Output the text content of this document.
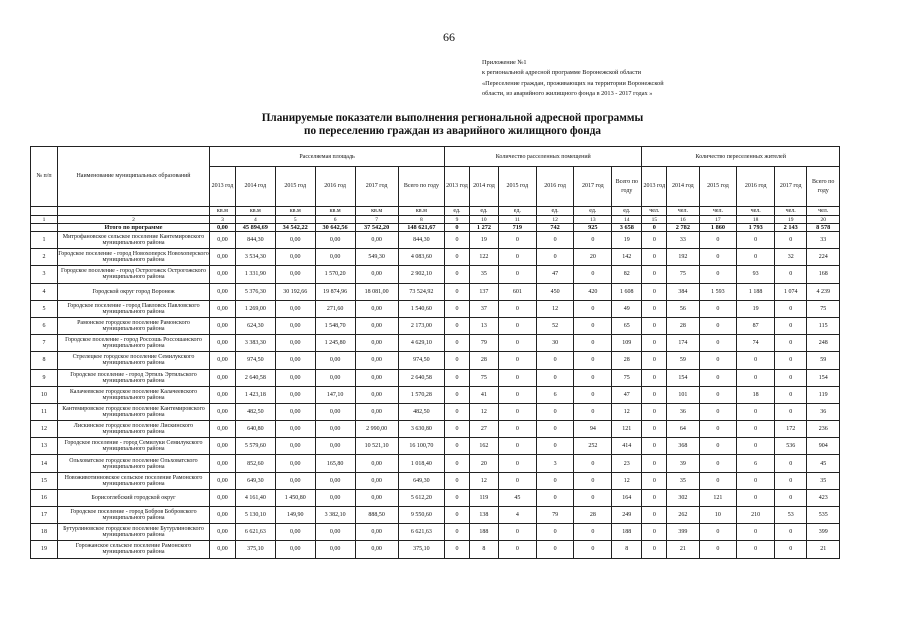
66
Приложение №1
к региональной адресной программе Воронежской области
«Переселение граждан, проживающих на территории Воронежской
области, из аварийного жилищного фонда в 2013 - 2017 годах »
Планируемые показатели выполнения региональной адресной программы
по переселению граждан из аварийного жилищного фонда
№ п/п	Наименование муниципальных образований	Расселяемая площадь						Количество расселенных помещений						Количество переселенных жителей					
		2013 год	2014 год	2015 год	2016 год	2017 год	Всего по году	2013 год	2014 год	2015 год	2016 год	2017 год	Всего по году	2013 год	2014 год	2015 год	2016 год	2017 год	Всего по году
		кв.м	кв.м	кв.м	кв.м	кв.м	кв.м	ед.	ед.	ед.	ед.	ед.	ед.	чел.	чел.	чел.	чел.	чел.	чел.
1	2	3	4	5	6	7	8	9	10	11	12	13	14	15	16	17	18	19	20
	Итого по программе	0,00	45 894,69	34 542,22	30 642,56	37 542,20	148 621,67	0	1 272	719	742	925	3 658	0	2 782	1 860	1 793	2 143	8 578
1	Митрофановское сельское поселение Кантемировского муниципального района	0,00	844,30	0,00	0,00	0,00	844,30	0	19	0	0	0	19	0	33	0	0	0	33
2	Городское поселение - город Новохоперск Новохоперского муниципального района	0,00	3 534,30	0,00	0,00	549,30	4 083,60	0	122	0	0	20	142	0	192	0	0	32	224
3	Городское поселение - город Острогожск Острогожского муниципального района	0,00	1 331,90	0,00	1 570,20	0,00	2 902,10	0	35	0	47	0	82	0	75	0	93	0	168
4	Городской округ город Воронеж	0,00	5 376,30	30 192,66	19 874,96	18 081,00	73 524,92	0	137	601	450	420	1 608	0	384	1 593	1 188	1 074	4 239
5	Городское поселение - город Павловск Павловского муниципального района	0,00	1 269,00	0,00	271,60	0,00	1 540,60	0	37	0	12	0	49	0	56	0	19	0	75
6	Рамонское городское поселение Рамонского муниципального района	0,00	624,30	0,00	1 548,70	0,00	2 173,00	0	13	0	52	0	65	0	28	0	87	0	115
7	Городское поселение - город Россошь Россошанского муниципального района	0,00	3 383,30	0,00	1 245,80	0,00	4 629,10	0	79	0	30	0	109	0	174	0	74	0	248
8	Стрелецкое городское поселение Семилукского муниципального района	0,00	974,50	0,00	0,00	0,00	974,50	0	28	0	0	0	28	0	59	0	0	0	59
9	Городское поселение - город Эртиль Эртильского муниципального района	0,00	2 640,58	0,00	0,00	0,00	2 640,58	0	75	0	0	0	75	0	154	0	0	0	154
10	Калачеевское городское поселение Калачеевского муниципального района	0,00	1 423,18	0,00	147,10	0,00	1 570,28	0	41	0	6	0	47	0	101	0	18	0	119
11	Кантемировское городское поселение Кантемировского муниципального района	0,00	482,50	0,00	0,00	0,00	482,50	0	12	0	0	0	12	0	36	0	0	0	36
12	Лискинское городское поселение Лискинского муниципального района	0,00	640,80	0,00	0,00	2 990,00	3 630,80	0	27	0	0	94	121	0	64	0	0	172	236
13	Городское поселение - город Семилуки Семилукского муниципального района	0,00	5 579,60	0,00	0,00	10 521,10	16 100,70	0	162	0	0	252	414	0	368	0	0	536	904
14	Ольховатское городское поселение Ольховатского муниципального района	0,00	852,60	0,00	165,80	0,00	1 018,40	0	20	0	3	0	23	0	39	0	6	0	45
15	Новоживотинновское сельское поселение Рамонского муниципального района	0,00	649,30	0,00	0,00	0,00	649,30	0	12	0	0	0	12	0	35	0	0	0	35
16	Борисоглебский городской округ	0,00	4 161,40	1 450,80	0,00	0,00	5 612,20	0	119	45	0	0	164	0	302	121	0	0	423
17	Городское поселение - город Бобров Бобровского муниципального района	0,00	5 130,10	149,90	3 382,10	888,50	9 550,60	0	138	4	79	28	249	0	262	10	210	53	535
18	Бутурлиновское городское поселение Бутурлиновского муниципального района	0,00	6 621,63	0,00	0,00	0,00	6 621,63	0	188	0	0	0	188	0	399	0	0	0	399
19	Горожанское сельское поселение Рамонского муниципального района	0,00	375,10	0,00	0,00	0,00	375,10	0	8	0	0	0	8	0	21	0	0	0	21
